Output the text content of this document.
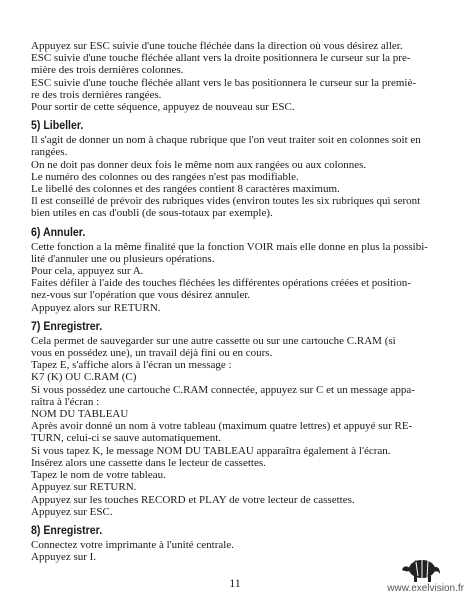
Appuyez sur ESC suivie d'une touche fléchée dans la direction où vous désirez aller.

ESC suivie d'une touche fléchée allant vers la droite positionnera le curseur sur la pre-

mière des trois dernières colonnes.

ESC suivie d'une touche fléchée allant vers le bas positionnera le curseur sur la premiè-

re des trois dernières rangées.

Pour sortir de cette séquence, appuyez de nouveau sur ESC.

5) Libeller.

Il s'agit de donner un nom à chaque rubrique que l'on veut traiter soit en colonnes soit en

rangées.

On ne doit pas donner deux fois le même nom aux rangées ou aux colonnes.

Le numéro des colonnes ou des rangées n'est pas modifiable.

Le libellé des colonnes et des rangées contient 8 caractères maximum.

Il est conseillé de prévoir des rubriques vides (environ toutes les six rubriques qui seront

bien utiles en cas d'oubli (de sous-totaux par exemple).

6) Annuler.

Cette fonction a la même finalité que la fonction VOIR mais elle donne en plus la possibi-

lité d'annuler une ou plusieurs opérations.

Pour cela, appuyez sur A.

Faites défiler à l'aide des touches fléchées les différentes opérations créées et position-

nez-vous sur l'opération que vous désirez annuler.

Appuyez alors sur RETURN.

7) Enregistrer.

Cela permet de sauvegarder sur une autre cassette ou sur une cartouche C.RAM (si

vous en possédez une), un travail déjà fini ou en cours.

Tapez E, s'affiche alors à l'écran un message :

K7 (K) OU C.RAM (C)

Si vous possédez une cartouche C.RAM connectée, appuyez sur C et un message appa-

raîtra à l'écran :

NOM DU TABLEAU

Après avoir donné un nom à votre tableau (maximum quatre lettres) et appuyé sur RE-

TURN, celui-ci se sauve automatiquement.

Si vous tapez K, le message NOM DU TABLEAU apparaîtra également à l'écran.

Insérez alors une cassette dans le lecteur de cassettes.

Tapez le nom de votre tableau.

Appuyez sur RETURN.

Appuyez sur les touches RECORD et PLAY de votre lecteur de cassettes.

Appuyez sur ESC.

8) Enregistrer.

Connectez votre imprimante à l'unité centrale.

Appuyez sur I.

11	www.exelvision.fr
